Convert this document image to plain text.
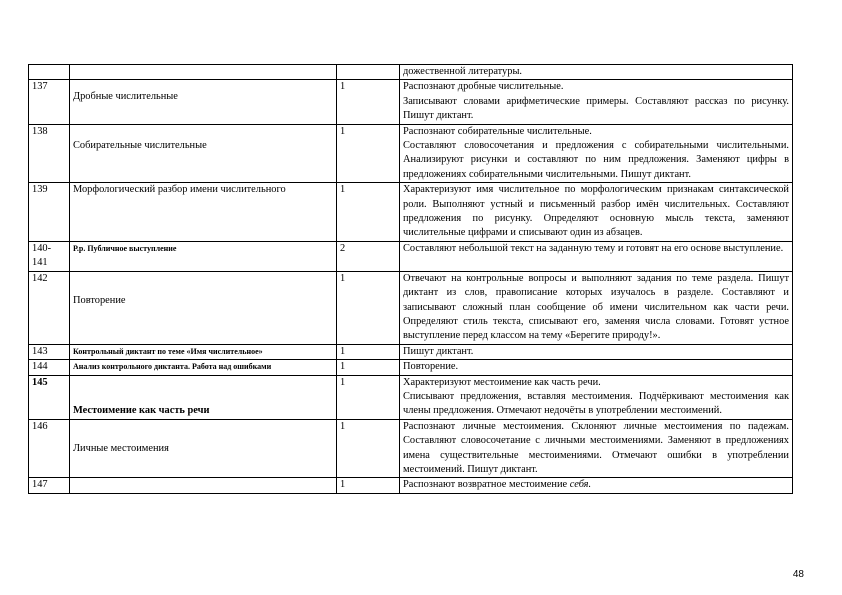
			дожественной литературы.
137	Дробные числительные	1	Распознают дробные числительные.
Записывают словами арифметические примеры. Составляют рассказ по рисунку. Пишут диктант.

138	Собирательные числительные	1	Распознают собирательные числительные.
Составляют словосочетания и предложения с собирательными числительными. Анализируют рисунки и составляют по ним предложения. Заменяют цифры в предложениях собирательными числительными. Пишут диктант.

139	Морфологический разбор имени числительного	1	Характеризуют имя числительное по морфологическим признакам синтаксической роли. Выполняют устный и письменный разбор имён числительных. Составляют предложения по рисунку. Определяют основную мысль текста, заменяют числительные цифрами и списывают один из абзацев.
140-141	Р.р. Публичное выступление	2	Составляют небольшой текст на заданную тему и готовят на его основе выступление.
142	Повторение	1	Отвечают на контрольные вопросы и выполняют задания по теме раздела. Пишут диктант из слов, правописание которых изучалось в разделе. Составляют и записывают сложный план сообщение об имени числительном как части речи. Определяют стиль текста, списывают его, заменяя числа словами. Готовят устное выступление перед классом на тему «Берегите природу!».
143	Контрольный диктант по теме «Имя числительное»	1	Пишут диктант.
144	Анализ контрольного диктанта. Работа над ошибками	1	Повторение.
145	Местоимение как часть речи	1	Характеризуют местоимение как часть речи.
Списывают предложения, вставляя местоимения. Подчёркивают местоимения как члены предложения. Отмечают недочёты в употреблении местоимений.

146	Личные местоимения	1	Распознают личные местоимения. Склоняют личные местоимения по падежам. Составляют словосочетание с личными местоимениями. Заменяют в предложениях имена существительные местоимениями. Отмечают ошибки в употреблении местоимений. Пишут диктант.
147		1	Распознают возвратное местоимение себя.
48
